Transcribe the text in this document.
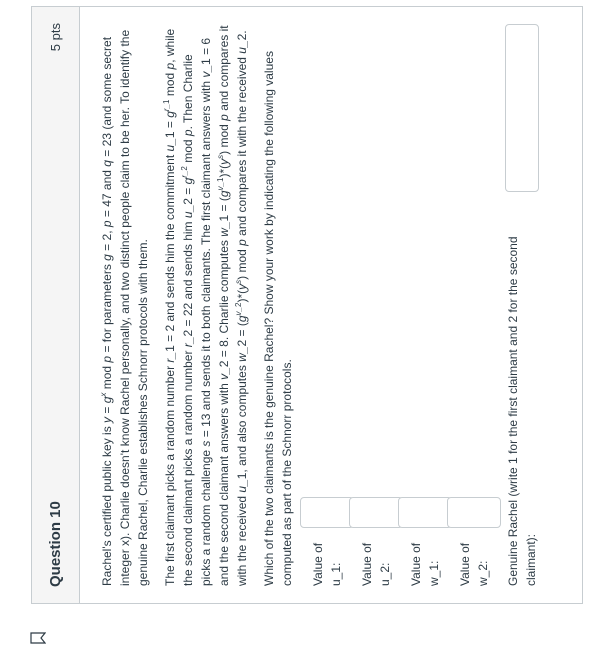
Question 10
5 pts

Rachel's certified public key is $y = g^x$ mod p = for parameters g = 2, p = 47 and q = 23 (and some secret integer x). Charlie doesn't know Rachel personally, and two distinct people claim to be her. To identify the genuine Rachel, Charlie establishes Schnorr protocols with them. The first claimant picks a random number r_1 = 2 and sends him the commitment u_1 = $g^{r\_1}$ mod p, while the second claimant picks a random number r_2 = 22 and sends him u_2 = $g^{r\_2}$ mod p. Then Charlie picks a random challenge s = 13 and sends it to both claimants. The first claimant answers with v_1 = 6 and the second claimant answers with v_2 = 8. Charlie computes w_1 = $(g^{v\_1})*(y^s)$ mod p and compares it with the received u_1, and also computes w_2 = $(g^{v\_2})*(y^s)$ mod p and compares it with the received u_2.

Which of the two claimants is the genuine Rachel? Show your work by indicating the following values computed as part of the Schnorr protocols. Value of u_1: Value of u_2: Value of w_1: Value of w_2: Genuine Rachel (write 1 for the first claimant and 2 for the second claimant):
